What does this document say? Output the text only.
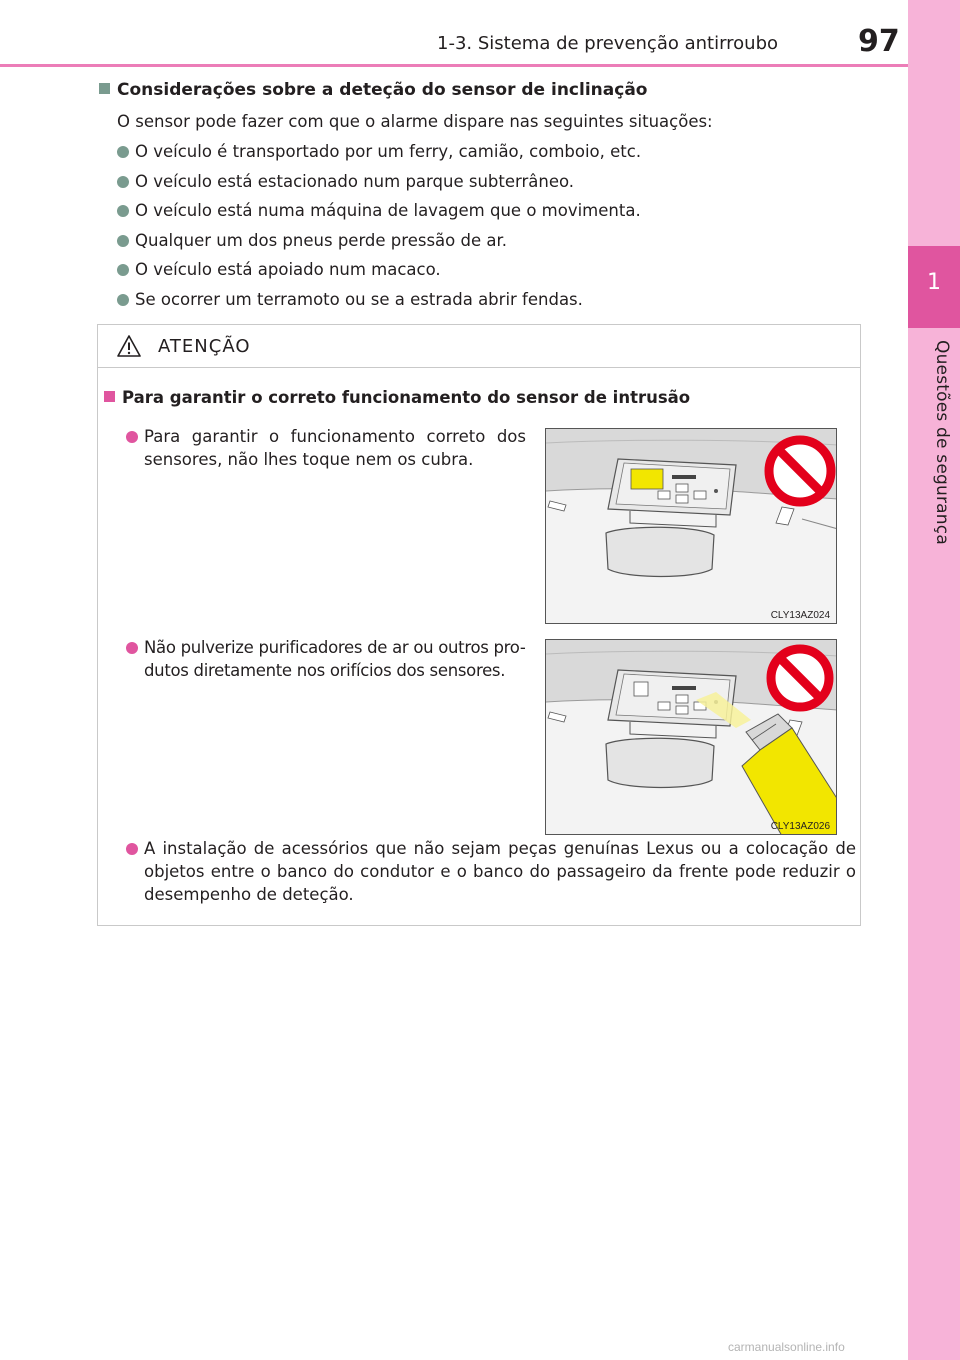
1-3. Sistema de prevenção antirroubo	97
1
Questões de segurança
Considerações sobre a deteção do sensor de inclinação
O sensor pode fazer com que o alarme dispare nas seguintes situações:
O veículo é transportado por um ferry, camião, comboio, etc.
O veículo está estacionado num parque subterrâneo.
O veículo está numa máquina de lavagem que o movimenta.
Qualquer um dos pneus perde pressão de ar.
O veículo está apoiado num macaco.
Se ocorrer um terramoto ou se a estrada abrir fendas.
ATENÇÃO
Para garantir o correto funcionamento do sensor de intrusão
Para garantir o funcionamento correto dos sensores, não lhes toque nem os cubra.
CLY13AZ024
Não pulverize purificadores de ar ou outros pro-dutos diretamente nos orifícios dos sensores.
CLY13AZ026
A instalação de acessórios que não sejam peças genuínas Lexus ou a colocação de objetos entre o banco do condutor e o banco do passageiro da frente pode reduzir o desempenho de deteção.
carmanualsonline.info
